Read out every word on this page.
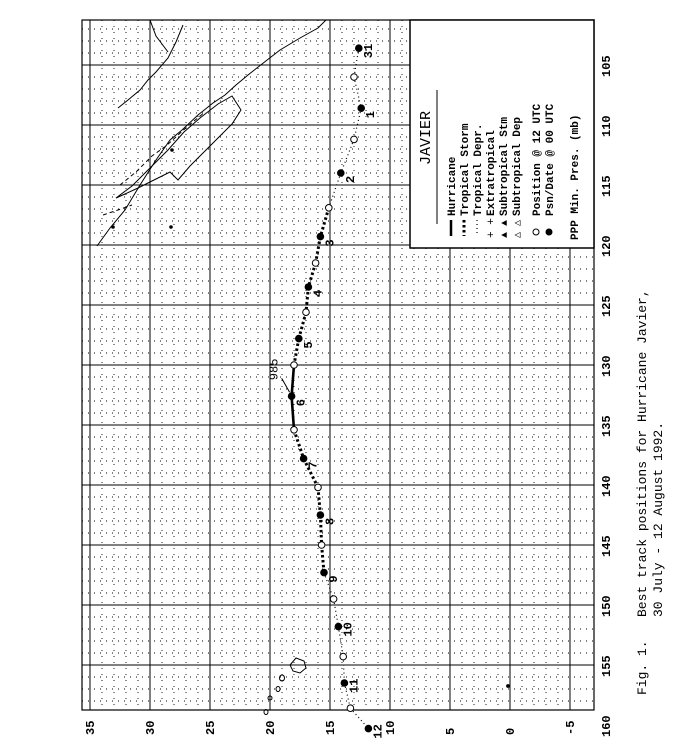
Fig. 1.
Best track positions for Hurricane Javier, 30 July - 12 August 1992.
31
1
2
3
4
5
6
7
8
9
10
11
12
985
105
110
115
120
125
130
135
140
145
150
155
160
35	30	25	20	15	10	5	0	-5
JAVIER
Hurricane Tropical Storm Tropical Depr.
+ +
Extratropical
▲ ▲
Subtropical Stm
△ △
Subtropical Dep Position @ 12 UTC Psn/Date @ 00 UTC PPP Min. Pres. (mb)
